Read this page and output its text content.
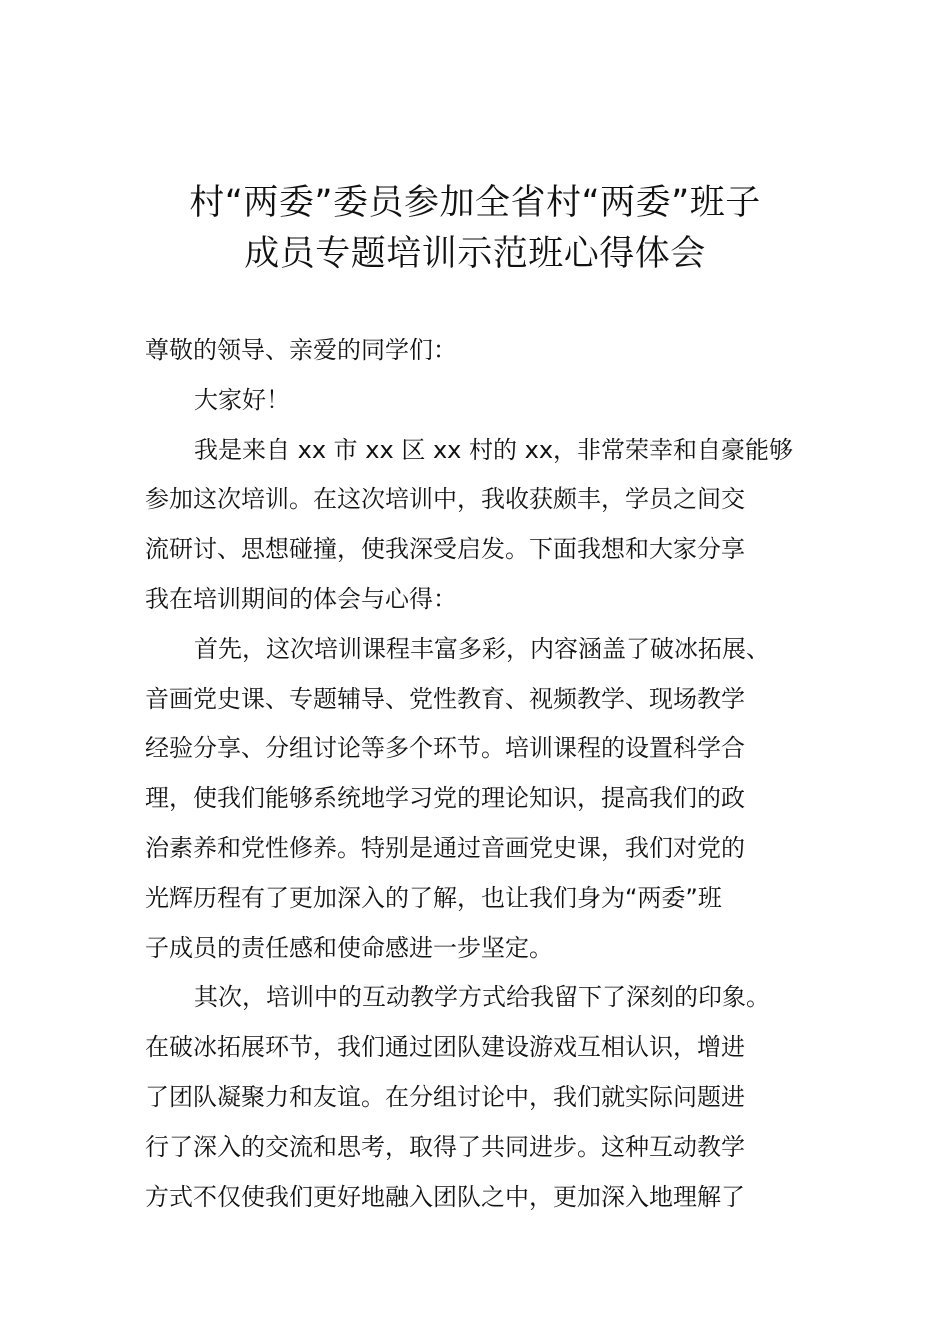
村“两委”委员参加全省村“两委”班子
成员专题培训示范班心得体会
尊敬的领导、亲爱的同学们：
大家好！
我是来自 xx 市 xx 区 xx 村的 xx，非常荣幸和自豪能够
参加这次培训。在这次培训中，我收获颇丰，学员之间交
流研讨、思想碰撞，使我深受启发。下面我想和大家分享
我在培训期间的体会与心得：
首先，这次培训课程丰富多彩，内容涵盖了破冰拓展、
音画党史课、专题辅导、党性教育、视频教学、现场教学
经验分享、分组讨论等多个环节。培训课程的设置科学合
理，使我们能够系统地学习党的理论知识，提高我们的政
治素养和党性修养。特别是通过音画党史课，我们对党的
光辉历程有了更加深入的了解，也让我们身为“两委”班
子成员的责任感和使命感进一步坚定。
其次，培训中的互动教学方式给我留下了深刻的印象。
在破冰拓展环节，我们通过团队建设游戏互相认识，增进
了团队凝聚力和友谊。在分组讨论中，我们就实际问题进
行了深入的交流和思考，取得了共同进步。这种互动教学
方式不仅使我们更好地融入团队之中，更加深入地理解了
